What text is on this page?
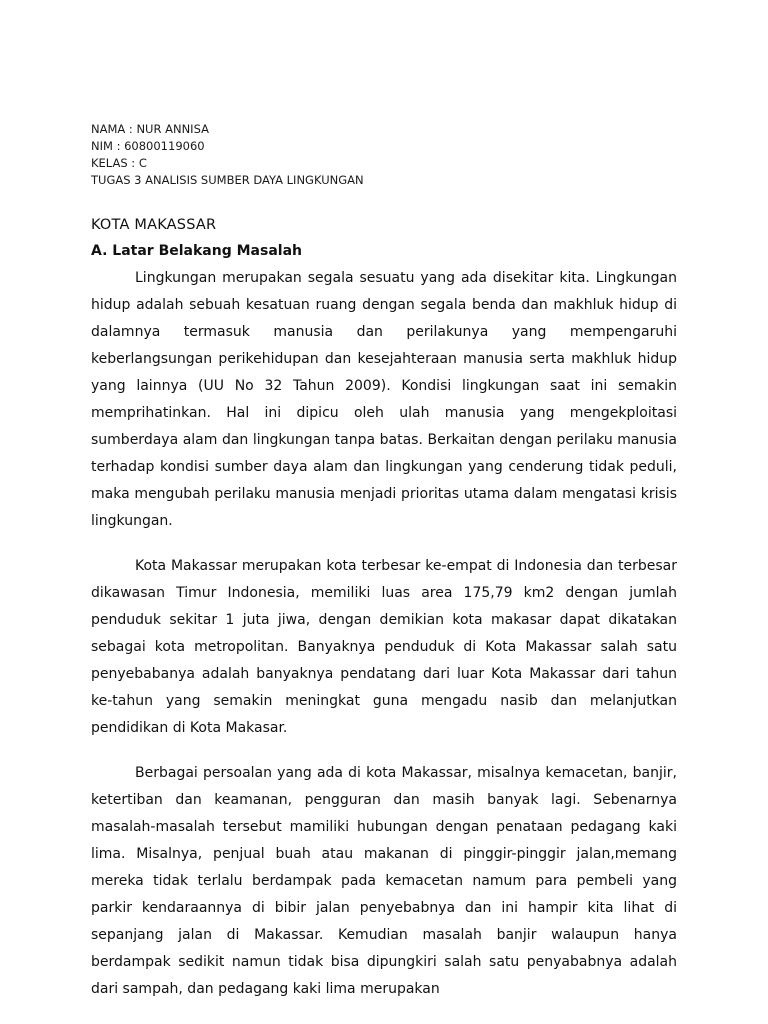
NAMA : NUR ANNISA
NIM : 60800119060
KELAS : C
TUGAS 3 ANALISIS SUMBER DAYA LINGKUNGAN
KOTA MAKASSAR
A. Latar Belakang Masalah

Lingkungan merupakan segala sesuatu yang ada disekitar kita. Lingkungan hidup adalah sebuah kesatuan ruang dengan segala benda dan makhluk hidup di dalamnya termasuk manusia dan perilakunya yang mempengaruhi keberlangsungan perikehidupan dan kesejahteraan manusia serta makhluk hidup yang lainnya (UU No 32 Tahun 2009). Kondisi lingkungan saat ini semakin memprihatinkan. Hal ini dipicu oleh ulah manusia yang mengekploitasi sumberdaya alam dan lingkungan tanpa batas. Berkaitan dengan perilaku manusia terhadap kondisi sumber daya alam dan lingkungan yang cenderung tidak peduli, maka mengubah perilaku manusia menjadi prioritas utama dalam mengatasi krisis lingkungan.

Kota Makassar merupakan kota terbesar ke-empat di Indonesia dan terbesar dikawasan Timur Indonesia, memiliki luas area 175,79 km2 dengan jumlah penduduk sekitar 1 juta jiwa, dengan demikian kota makasar dapat dikatakan sebagai kota metropolitan. Banyaknya penduduk di Kota Makassar salah satu penyebabanya adalah banyaknya pendatang dari luar Kota Makassar dari tahun ke-tahun yang semakin meningkat guna mengadu nasib dan melanjutkan pendidikan di Kota Makasar.

Berbagai persoalan yang ada di kota Makassar, misalnya kemacetan, banjir, ketertiban dan keamanan, pengguran dan masih banyak lagi. Sebenarnya masalah-masalah tersebut mamiliki hubungan dengan penataan pedagang kaki lima. Misalnya, penjual buah atau makanan di pinggir-pinggir jalan,memang mereka tidak terlalu berdampak pada kemacetan namum para pembeli yang parkir kendaraannya di bibir jalan penyebabnya dan ini hampir kita lihat di sepanjang jalan di Makassar. Kemudian masalah banjir walaupun hanya berdampak sedikit namun tidak bisa dipungkiri salah satu penyababnya adalah dari sampah, dan pedagang kaki lima merupakan
